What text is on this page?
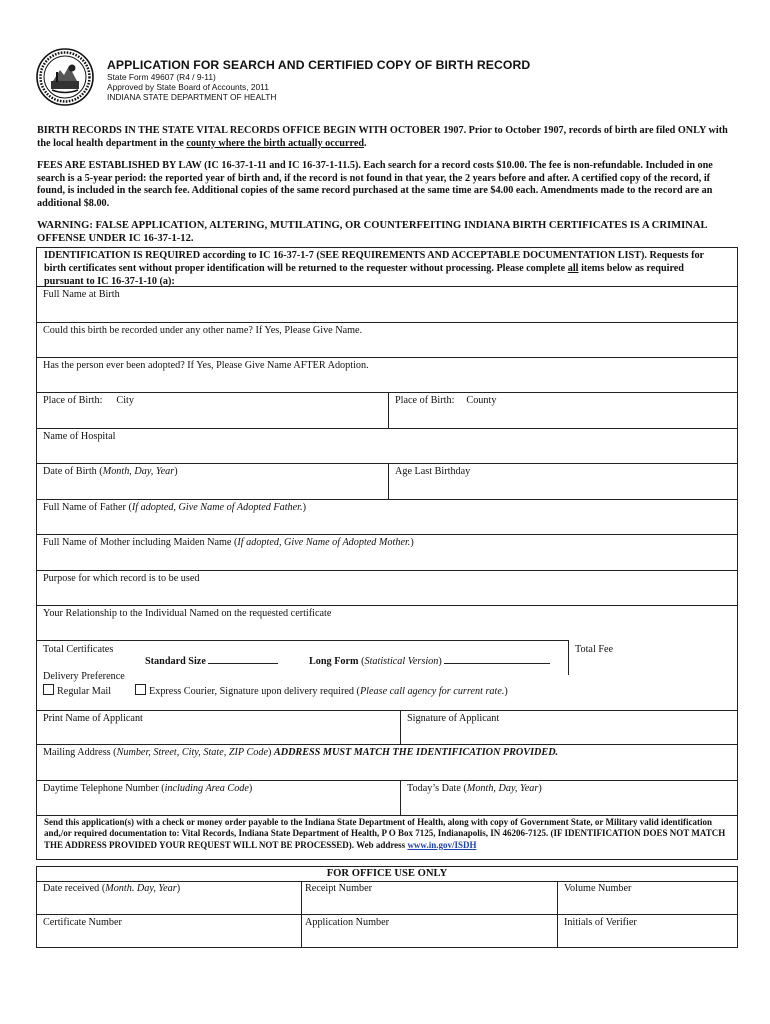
APPLICATION FOR SEARCH AND CERTIFIED COPY OF BIRTH RECORD
State Form 49607 (R4 / 9-11)
Approved by State Board of Accounts, 2011
INDIANA STATE DEPARTMENT OF HEALTH
BIRTH RECORDS IN THE STATE VITAL RECORDS OFFICE BEGIN WITH OCTOBER 1907. Prior to October 1907, records of birth are filed ONLY with the local health department in the county where the birth actually occurred.
FEES ARE ESTABLISHED BY LAW (IC 16-37-1-11 and IC 16-37-1-11.5). Each search for a record costs $10.00. The fee is non-refundable. Included in one search is a 5-year period: the reported year of birth and, if the record is not found in that year, the 2 years before and after. A certified copy of the record, if found, is included in the search fee. Additional copies of the same record purchased at the same time are $4.00 each. Amendments made to the record are an additional $8.00.
WARNING: FALSE APPLICATION, ALTERING, MUTILATING, OR COUNTERFEITING INDIANA BIRTH CERTIFICATES IS A CRIMINAL OFFENSE UNDER IC 16-37-1-12.
IDENTIFICATION IS REQUIRED according to IC 16-37-1-7 (SEE REQUIREMENTS AND ACCEPTABLE DOCUMENTATION LIST). Requests for birth certificates sent without proper identification will be returned to the requester without processing. Please complete all items below as required pursuant to IC 16-37-1-10 (a):
Full Name at Birth
Could this birth be recorded under any other name? If Yes, Please Give Name.
Has the person ever been adopted? If Yes, Please Give Name AFTER Adoption.
Place of Birth: City	Place of Birth: County
Name of Hospital
Date of Birth (Month, Day, Year)	Age Last Birthday
Full Name of Father (If adopted, Give Name of Adopted Father.)
Full Name of Mother including Maiden Name (If adopted, Give Name of Adopted Mother.)
Purpose for which record is to be used
Your Relationship to the Individual Named on the requested certificate
Total Certificates	Total Fee
Standard Size	Long Form (Statistical Version)
Delivery Preference
Regular Mail	Express Courier, Signature upon delivery required (Please call agency for current rate.)
Print Name of Applicant	Signature of Applicant
Mailing Address (Number, Street, City, State, ZIP Code) ADDRESS MUST MATCH THE IDENTIFICATION PROVIDED.
Daytime Telephone Number (including Area Code)	Today’s Date (Month, Day, Year)
Send this application(s) with a check or money order payable to the Indiana State Department of Health, along with copy of Government State, or Military valid identification and,/or required documentation to: Vital Records, Indiana State Department of Health, P O Box 7125, Indianapolis, IN 46206-7125. (IF IDENTIFICATION DOES NOT MATCH THE ADDRESS PROVIDED YOUR REQUEST WILL NOT BE PROCESSED). Web address www.in.gov/ISDH
FOR OFFICE USE ONLY
Date received (Month. Day, Year)	Receipt Number	Volume Number
Certificate Number	Application Number	Initials of Verifier
